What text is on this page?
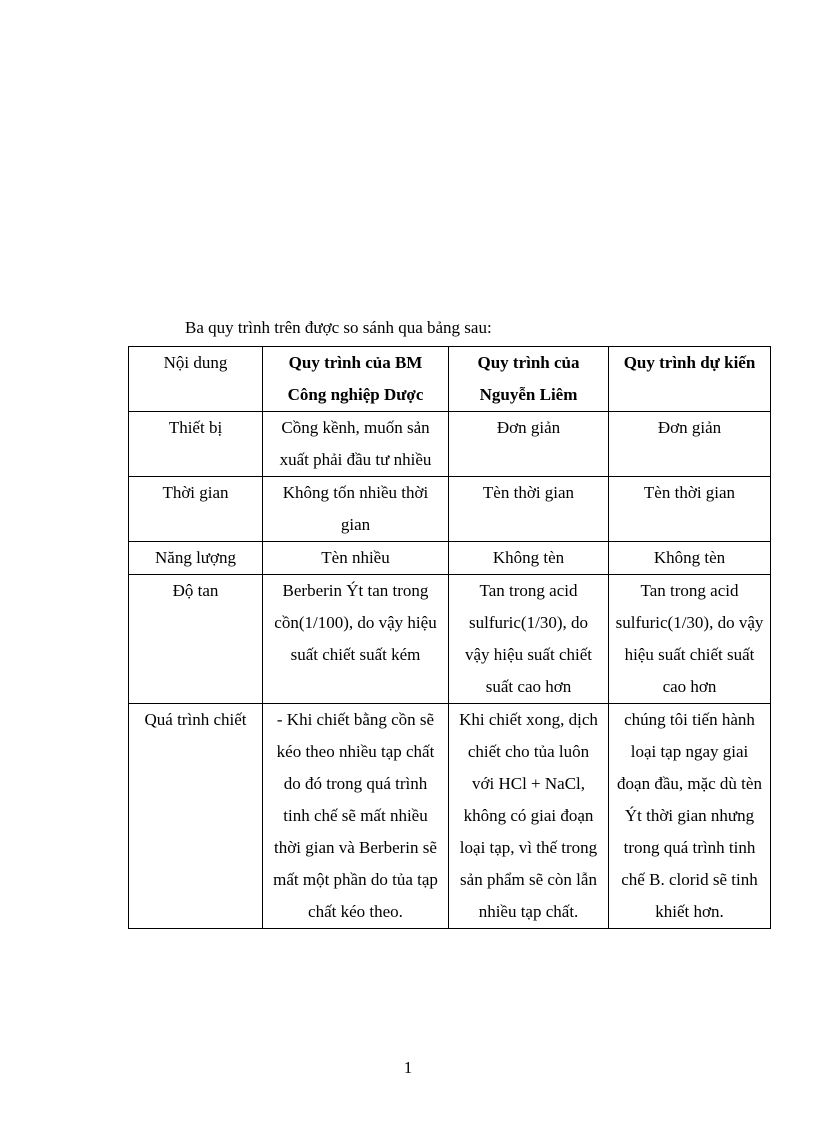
Ba quy trình trên được so sánh qua bảng sau:
Nội dung	Quy trình của BM Công nghiệp Dược	Quy trình của Nguyễn Liêm	Quy trình dự kiến
Thiết bị	Cồng kềnh, muốn sản xuất phải đầu tư nhiều	Đơn giản	Đơn giản
Thời gian	Không tốn nhiều thời gian	Tèn thời gian	Tèn thời gian
Năng lượng	Tèn nhiều	Không tèn	Không tèn
Độ tan	Berberin Ýt tan trong cồn(1/100), do vậy hiệu suất chiết suất kém	Tan trong acid sulfuric(1/30), do vậy hiệu suất chiết suất cao hơn	Tan trong acid sulfuric(1/30), do vậy hiệu suất chiết suất cao hơn
Quá trình chiết	- Khi chiết bằng cồn sẽ kéo theo nhiều tạp chất do đó trong quá trình tinh chế sẽ mất nhiều thời gian và Berberin sẽ mất một phần do tủa tạp chất kéo theo.	Khi chiết xong, dịch chiết cho tủa luôn với HCl + NaCl, không có giai đoạn loại tạp, vì thế trong sản phẩm sẽ còn lẫn nhiều tạp chất.	chúng tôi tiến hành loại tạp ngay giai đoạn đầu, mặc dù tèn Ýt thời gian nhưng trong quá trình tinh chế B. clorid sẽ tinh khiết hơn.
1
